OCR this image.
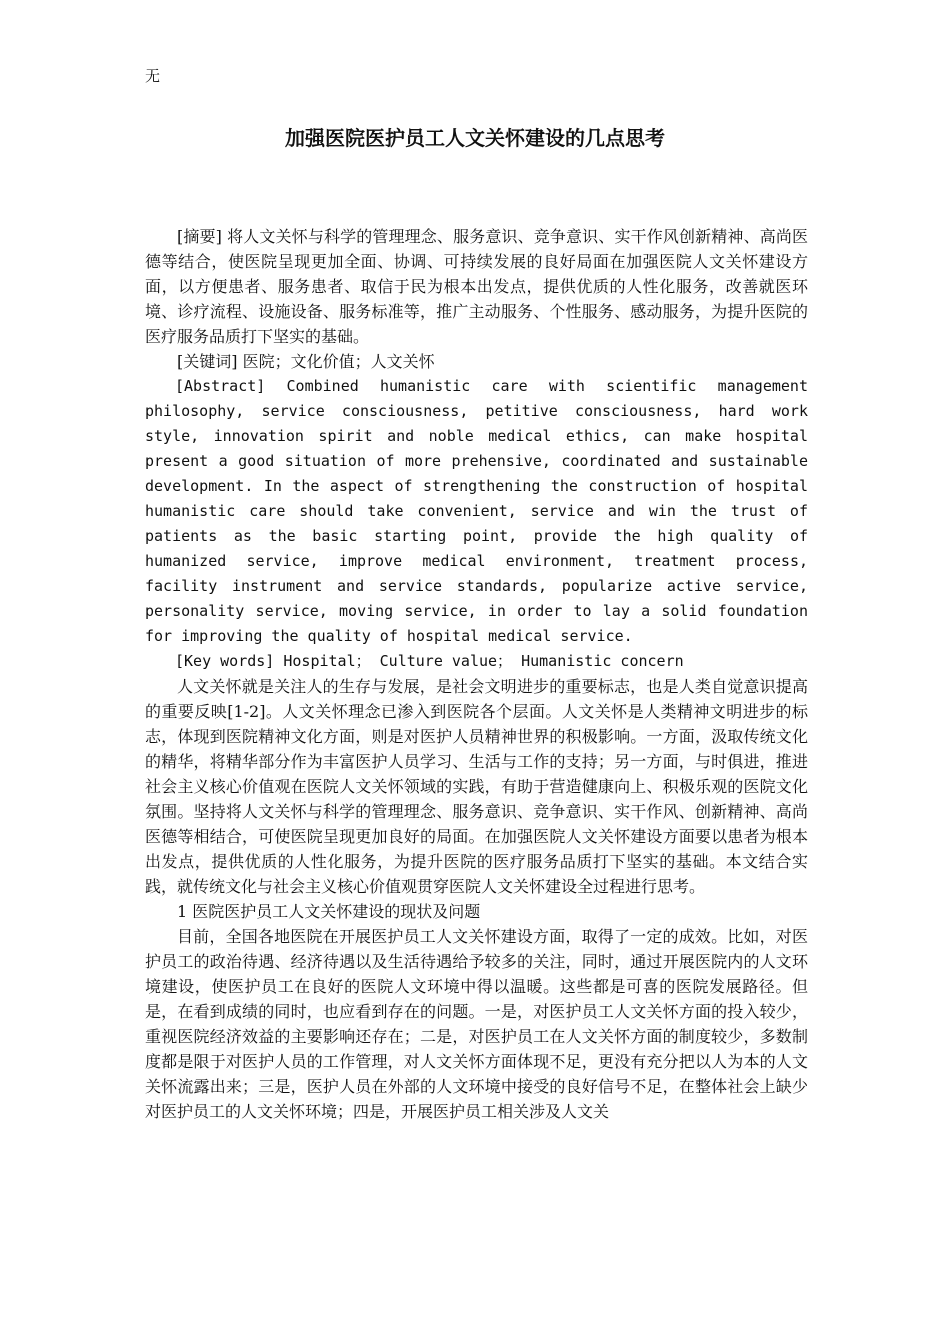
无
加强医院医护员工人文关怀建设的几点思考

[摘要] 将人文关怀与科学的管理理念、服务意识、竞争意识、实干作风创新精神、高尚医德等结合，使医院呈现更加全面、协调、可持续发展的良好局面在加强医院人文关怀建设方面，以方便患者、服务患者、取信于民为根本出发点，提供优质的人性化服务，改善就医环境、诊疗流程、设施设备、服务标准等，推广主动服务、个性服务、感动服务，为提升医院的医疗服务品质打下坚实的基础。

[关键词] 医院；文化价值；人文关怀

[Abstract] Combined humanistic care with scientific management philosophy, service consciousness, petitive consciousness, hard work style, innovation spirit and noble medical ethics, can make hospital present a good situation of more prehensive, coordinated and sustainable development. In the aspect of strengthening the construction of hospital humanistic care should take convenient, service and win the trust of patients as the basic starting point, provide the high quality of humanized service, improve medical environment, treatment process, facility instrument and service standards, popularize active service, personality service, moving service, in order to lay a solid foundation for improving the quality of hospital medical service.

[Key words] Hospital； Culture value； Humanistic concern

人文关怀就是关注人的生存与发展，是社会文明进步的重要标志，也是人类自觉意识提高的重要反映[1-2]。人文关怀理念已渗入到医院各个层面。人文关怀是人类精神文明进步的标志，体现到医院精神文化方面，则是对医护人员精神世界的积极影响。一方面，汲取传统文化的精华，将精华部分作为丰富医护人员学习、生活与工作的支持；另一方面，与时俱进，推进社会主义核心价值观在医院人文关怀领域的实践，有助于营造健康向上、积极乐观的医院文化氛围。坚持将人文关怀与科学的管理理念、服务意识、竞争意识、实干作风、创新精神、高尚医德等相结合，可使医院呈现更加良好的局面。在加强医院人文关怀建设方面要以患者为根本出发点，提供优质的人性化服务，为提升医院的医疗服务品质打下坚实的基础。本文结合实践，就传统文化与社会主义核心价值观贯穿医院人文关怀建设全过程进行思考。

1 医院医护员工人文关怀建设的现状及问题

目前，全国各地医院在开展医护员工人文关怀建设方面，取得了一定的成效。比如，对医护员工的政治待遇、经济待遇以及生活待遇给予较多的关注，同时，通过开展医院内的人文环境建设，使医护员工在良好的医院人文环境中得以温暖。这些都是可喜的医院发展路径。但是，在看到成绩的同时，也应看到存在的问题。一是，对医护员工人文关怀方面的投入较少，重视医院经济效益的主要影响还存在；二是，对医护员工在人文关怀方面的制度较少，多数制度都是限于对医护人员的工作管理，对人文关怀方面体现不足，更没有充分把以人为本的人文关怀流露出来；三是，医护人员在外部的人文环境中接受的良好信号不足，在整体社会上缺少对医护员工的人文关怀环境；四是，开展医护员工相关涉及人文关
